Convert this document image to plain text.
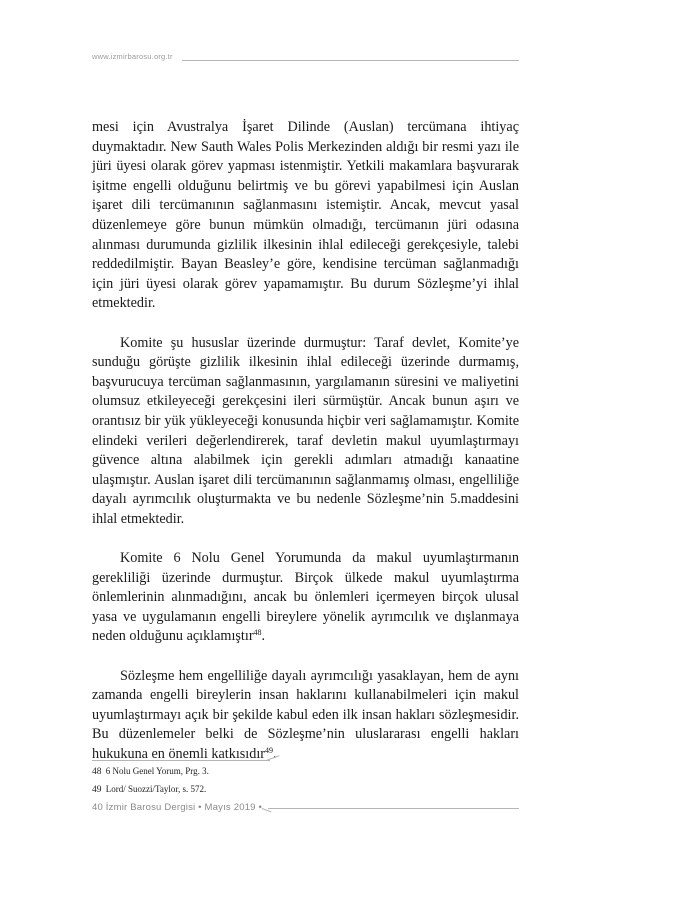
www.izmirbarosu.org.tr

mesi için Avustralya İşaret Dilinde (Auslan) tercümana ihtiyaç duymaktadır. New Sauth Wales Polis Merkezinden aldığı bir resmi yazı ile jüri üyesi olarak görev yapması istenmiştir. Yetkili makamlara başvurarak işitme engelli olduğunu belirtmiş ve bu görevi yapabilmesi için Auslan işaret dili tercümanının sağlanmasını istemiştir. Ancak, mevcut yasal düzenlemeye göre bunun mümkün olmadığı, tercümanın jüri odasına alınması durumunda gizlilik ilkesinin ihlal edileceği gerekçesiyle, talebi reddedilmiştir. Bayan Beasley’e göre, kendisine tercüman sağlanmadığı için jüri üyesi olarak görev yapamamıştır. Bu durum Sözleşme’yi ihlal etmektedir.

Komite şu hususlar üzerinde durmuştur: Taraf devlet, Komite’ye sunduğu görüşte gizlilik ilkesinin ihlal edileceği üzerinde durmamış, başvurucuya tercüman sağlanmasının, yargılamanın süresini ve maliyetini olumsuz etkileyeceği gerekçesini ileri sürmüştür. Ancak bunun aşırı ve orantısız bir yük yükleyeceği konusunda hiçbir veri sağlamamıştır. Komite elindeki verileri değerlendirerek, taraf devletin makul uyumlaştırmayı güvence altına alabilmek için gerekli adımları atmadığı kanaatine ulaşmıştır. Auslan işaret dili tercümanının sağlanmamış olması, engelliliğe dayalı ayrımcılık oluşturmakta ve bu nedenle Sözleşme’nin 5.maddesini ihlal etmektedir.

Komite 6 Nolu Genel Yorumunda da makul uyumlaştırmanın gerekliliği üzerinde durmuştur. Birçok ülkede makul uyumlaştırma önlemlerinin alınmadığını, ancak bu önlemleri içermeyen birçok ulusal yasa ve uygulamanın engelli bireylere yönelik ayrımcılık ve dışlanmaya neden olduğunu açıklamıştır$^{48}$.

Sözleşme hem engelliliğe dayalı ayrımcılığı yasaklayan, hem de aynı zamanda engelli bireylerin insan haklarını kullanabilmeleri için makul uyumlaştırmayı açık bir şekilde kabul eden ilk insan hakları sözleşmesidir. Bu düzenlemeler belki de Sözleşme’nin uluslararası engelli hakları hukukuna en önemli katkısıdır$^{49}$.

48 6 Nolu Genel Yorum, Prg. 3.
49 Lord/ Suozzi/Taylor, s. 572.
40 İzmir Barosu Dergisi • Mayıs 2019 •
